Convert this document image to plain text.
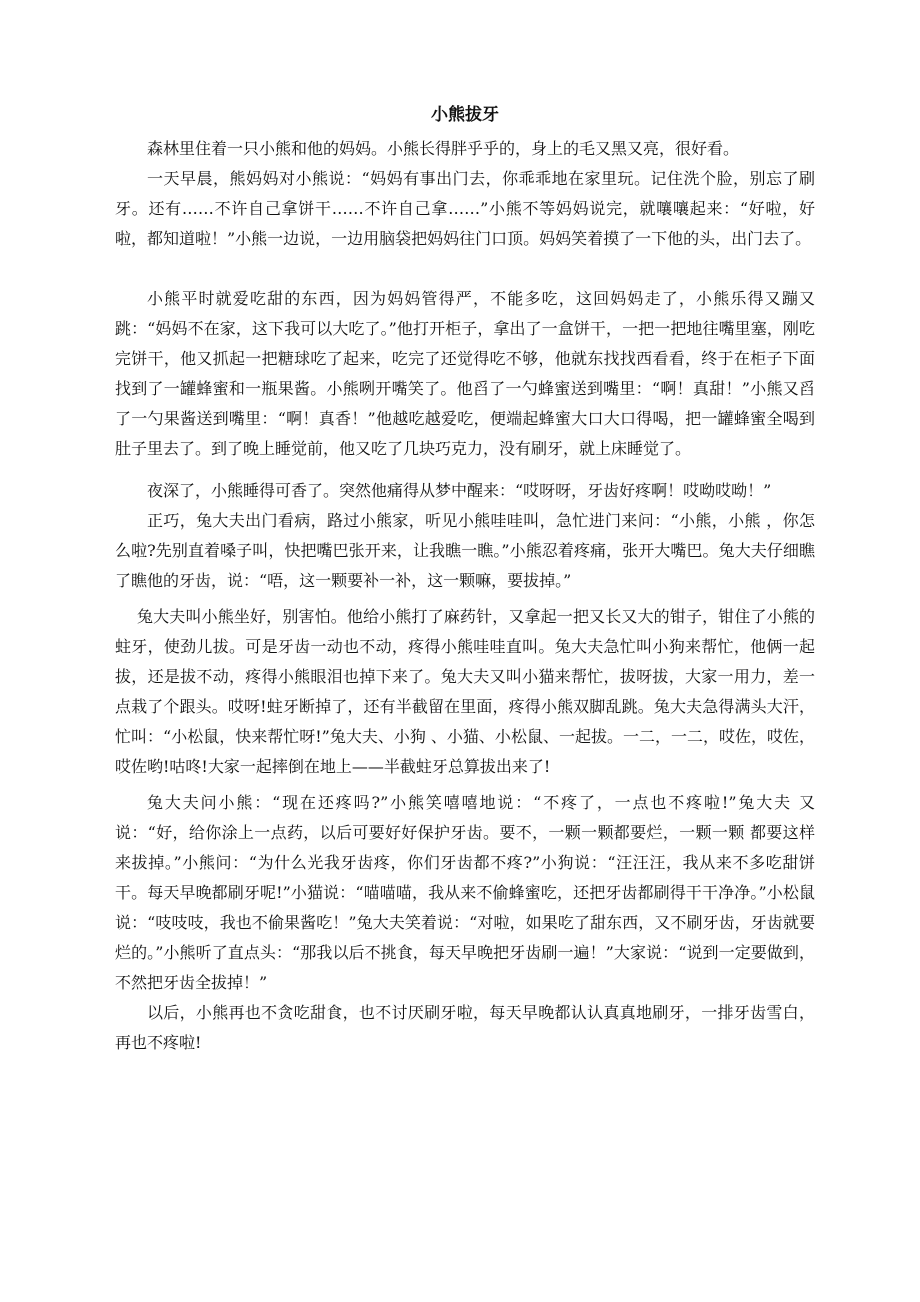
小熊拔牙

森林里住着一只小熊和他的妈妈。小熊长得胖乎乎的，身上的毛又黑又亮，很好看。

一天早晨，熊妈妈对小熊说：“妈妈有事出门去，你乖乖地在家里玩。记住洗个脸，别忘了刷牙。还有……不许自己拿饼干……不许自己拿……”小熊不等妈妈说完，就嚷嚷起来：“好啦，好啦，都知道啦！”小熊一边说，一边用脑袋把妈妈往门口顶。妈妈笑着摸了一下他的头，出门去了。

小熊平时就爱吃甜的东西，因为妈妈管得严，不能多吃，这回妈妈走了，小熊乐得又蹦又跳：“妈妈不在家，这下我可以大吃了。”他打开柜子，拿出了一盒饼干，一把一把地往嘴里塞，刚吃完饼干，他又抓起一把糖球吃了起来，吃完了还觉得吃不够，他就东找找西看看，终于在柜子下面找到了一罐蜂蜜和一瓶果酱。小熊咧开嘴笑了。他舀了一勺蜂蜜送到嘴里：“啊！真甜！”小熊又舀了一勺果酱送到嘴里：“啊！真香！”他越吃越爱吃，便端起蜂蜜大口大口得喝，把一罐蜂蜜全喝到肚子里去了。到了晚上睡觉前，他又吃了几块巧克力，没有刷牙，就上床睡觉了。

夜深了，小熊睡得可香了。突然他痛得从梦中醒来：“哎呀呀，牙齿好疼啊！哎呦哎呦！”

正巧，兔大夫出门看病，路过小熊家，听见小熊哇哇叫，急忙进门来问：“小熊，小熊 ，你怎么啦?先别直着嗓子叫，快把嘴巴张开来，让我瞧一瞧。”小熊忍着疼痛，张开大嘴巴。兔大夫仔细瞧了瞧他的牙齿，说：“唔，这一颗要补一补，这一颗嘛，要拔掉。”

兔大夫叫小熊坐好，别害怕。他给小熊打了麻药针，又拿起一把又长又大的钳子，钳住了小熊的蛀牙，使劲儿拔。可是牙齿一动也不动，疼得小熊哇哇直叫。兔大夫急忙叫小狗来帮忙，他俩一起拔，还是拔不动，疼得小熊眼泪也掉下来了。兔大夫又叫小猫来帮忙，拔呀拔，大家一用力，差一点栽了个跟头。哎呀!蛀牙断掉了，还有半截留在里面，疼得小熊双脚乱跳。兔大夫急得满头大汗，忙叫：“小松鼠，快来帮忙呀!”兔大夫、小狗 、小猫、小松鼠、一起拔。一二，一二，哎佐，哎佐，哎佐哟!咕咚!大家一起摔倒在地上——半截蛀牙总算拔出来了!

兔大夫问小熊：“现在还疼吗?”小熊笑嘻嘻地说：“不疼了，一点也不疼啦!”兔大夫 又说：“好，给你涂上一点药，以后可要好好保护牙齿。要不，一颗一颗都要烂，一颗一颗 都要这样来拔掉。”小熊问：“为什么光我牙齿疼，你们牙齿都不疼?”小狗说：“汪汪汪，我从来不多吃甜饼干。每天早晚都刷牙呢!”小猫说：“喵喵喵，我从来不偷蜂蜜吃，还把牙齿都刷得干干净净。”小松鼠说：“吱吱吱，我也不偷果酱吃！”兔大夫笑着说：“对啦，如果吃了甜东西，又不刷牙齿，牙齿就要烂的。”小熊听了直点头：“那我以后不挑食，每天早晚把牙齿刷一遍！”大家说：“说到一定要做到，不然把牙齿全拔掉！”

以后，小熊再也不贪吃甜食，也不讨厌刷牙啦，每天早晚都认认真真地刷牙，一排牙齿雪白，再也不疼啦!
